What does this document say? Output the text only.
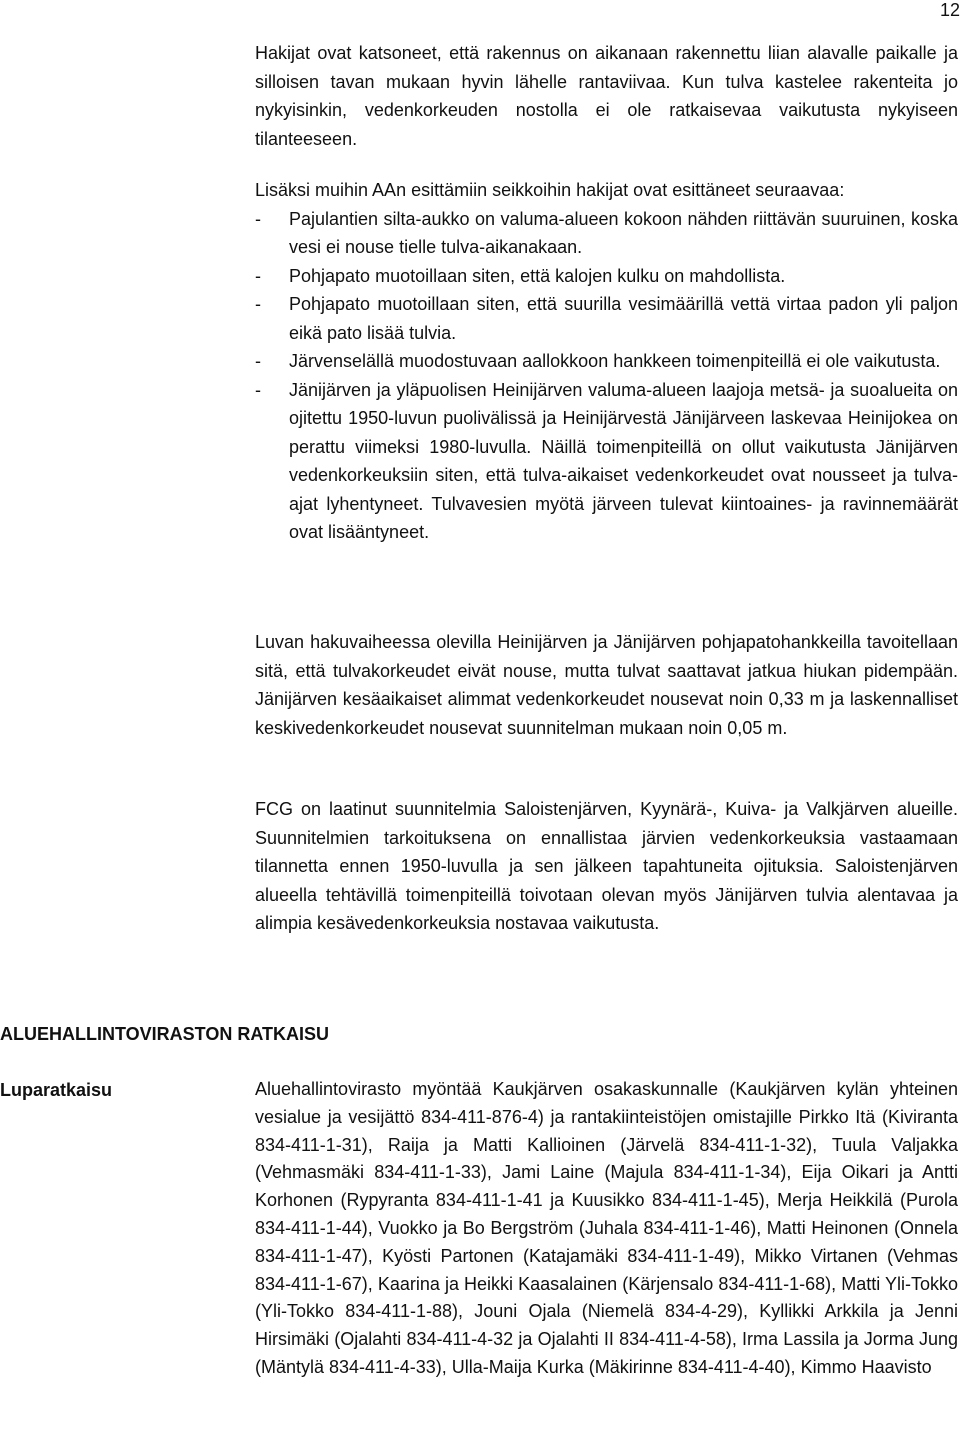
12

Hakijat ovat katsoneet, että rakennus on aikanaan rakennettu liian alavalle paikalle ja silloisen tavan mukaan hyvin lähelle rantaviivaa. Kun tulva kastelee rakenteita jo nykyisinkin, vedenkorkeuden nostolla ei ole ratkaisevaa vaikutusta nykyiseen tilanteeseen.

Lisäksi muihin AAn esittämiin seikkoihin hakijat ovat esittäneet seuraavaa:
- Pajulantien silta-aukko on valuma-alueen kokoon nähden riittävän suuruinen, koska vesi ei nouse tielle tulva-aikanakaan.
- Pohjapato muotoillaan siten, että kalojen kulku on mahdollista.
- Pohjapato muotoillaan siten, että suurilla vesimäärillä vettä virtaa padon yli paljon eikä pato lisää tulvia.
- Järvenselällä muodostuvaan aallokkoon hankkeen toimenpiteillä ei ole vaikutusta.
- Jänijärven ja yläpuolisen Heinijärven valuma-alueen laajoja metsä- ja suoalueita on ojitettu 1950-luvun puolivälissä ja Heinijärvestä Jänijärveen laskevaa Heinijokea on perattu viimeksi 1980-luvulla. Näillä toimenpiteillä on ollut vaikutusta Jänijärven vedenkorkeuksiin siten, että tulva-aikaiset vedenkorkeudet ovat nousseet ja tulva-ajat lyhentyneet. Tulvavesien myötä järveen tulevat kiintoaines- ja ravinnemäärät ovat lisääntyneet.

Luvan hakuvaiheessa olevilla Heinijärven ja Jänijärven pohjapatohankkeilla tavoitellaan sitä, että tulvakorkeudet eivät nouse, mutta tulvat saattavat jatkua hiukan pidempään. Jänijärven kesäaikaiset alimmat vedenkorkeudet nousevat noin 0,33 m ja laskennalliset keskivedenkorkeudet nousevat suunnitelman mukaan noin 0,05 m.

FCG on laatinut suunnitelmia Saloistenjärven, Kyynärä-, Kuiva- ja Valkjärven alueille. Suunnitelmien tarkoituksena on ennallistaa järvien vedenkorkeuksia vastaamaan tilannetta ennen 1950-luvulla ja sen jälkeen tapahtuneita ojituksia. Saloistenjärven alueella tehtävillä toimenpiteillä toivotaan olevan myös Jänijärven tulvia alentavaa ja alimpia kesävedenkorkeuksia nostavaa vaikutusta.

ALUEHALLINTOVIRASTON RATKAISU
Luparatkaisu	Aluehallintovirasto myöntää Kaukjärven osakaskunnalle (Kaukjärven kylän yhteinen vesialue ja vesijättö 834-411-876-4) ja rantakiinteistöjen omistajille Pirkko Itä (Kiviranta 834-411-1-31), Raija ja Matti Kallioinen (Järvelä 834-411-1-32), Tuula Valjakka (Vehmasmäki 834-411-1-33), Jami Laine (Majula 834-411-1-34), Eija Oikari ja Antti Korhonen (Rypyranta 834-411-1-41 ja Kuusikko 834-411-1-45), Merja Heikkilä (Purola 834-411-1-44), Vuokko ja Bo Bergström (Juhala 834-411-1-46), Matti Heinonen (Onnela 834-411-1-47), Kyösti Partonen (Katajamäki 834-411-1-49), Mikko Virtanen (Vehmas 834-411-1-67), Kaarina ja Heikki Kaasalainen (Kärjensalo 834-411-1-68), Matti Yli-Tokko (Yli-Tokko 834-411-1-88), Jouni Ojala (Niemelä 834-4-29), Kyllikki Arkkila ja Jenni Hirsimäki (Ojalahti 834-411-4-32 ja Ojalahti II 834-411-4-58), Irma Lassila ja Jorma Jung (Mäntylä 834-411-4-33), Ulla-Maija Kurka (Mäkirinne 834-411-4-40), Kimmo Haavisto
